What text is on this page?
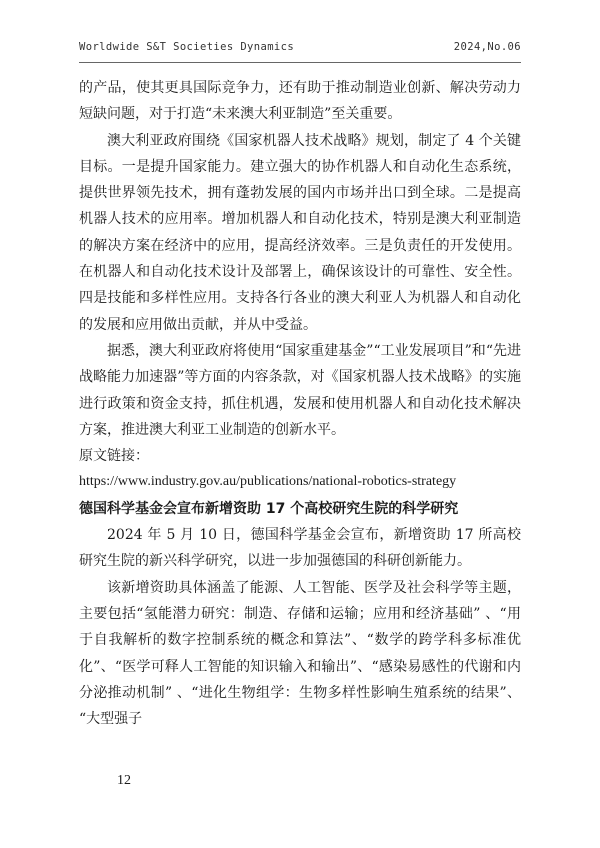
Worldwide S&T Societies Dynamics	2024,No.06

的产品，使其更具国际竞争力，还有助于推动制造业创新、解决劳动力短缺问题，对于打造“未来澳大利亚制造”至关重要。

澳大利亚政府围绕《国家机器人技术战略》规划，制定了 4 个关键目标。一是提升国家能力。建立强大的协作机器人和自动化生态系统，提供世界领先技术，拥有蓬勃发展的国内市场并出口到全球。二是提高机器人技术的应用率。增加机器人和自动化技术，特别是澳大利亚制造的解决方案在经济中的应用，提高经济效率。三是负责任的开发使用。在机器人和自动化技术设计及部署上，确保该设计的可靠性、安全性。四是技能和多样性应用。支持各行各业的澳大利亚人为机器人和自动化的发展和应用做出贡献，并从中受益。

据悉，澳大利亚政府将使用“国家重建基金”“工业发展项目”和“先进战略能力加速器”等方面的内容条款，对《国家机器人技术战略》的实施进行政策和资金支持，抓住机遇，发展和使用机器人和自动化技术解决方案，推进澳大利亚工业制造的创新水平。

原文链接：

https://www.industry.gov.au/publications/national-robotics-strategy

德国科学基金会宣布新增资助 17 个高校研究生院的科学研究

2024 年 5 月 10 日，德国科学基金会宣布，新增资助 17 所高校研究生院的新兴科学研究，以进一步加强德国的科研创新能力。

该新增资助具体涵盖了能源、人工智能、医学及社会科学等主题，主要包括“氢能潜力研究：制造、存储和运输；应用和经济基础” 、“用于自我解析的数字控制系统的概念和算法”、“数学的跨学科多标准优化”、“医学可释人工智能的知识输入和输出”、“感染易感性的代谢和内分泌推动机制” 、“进化生物组学：生物多样性影响生殖系统的结果”、 “大型强子

12
